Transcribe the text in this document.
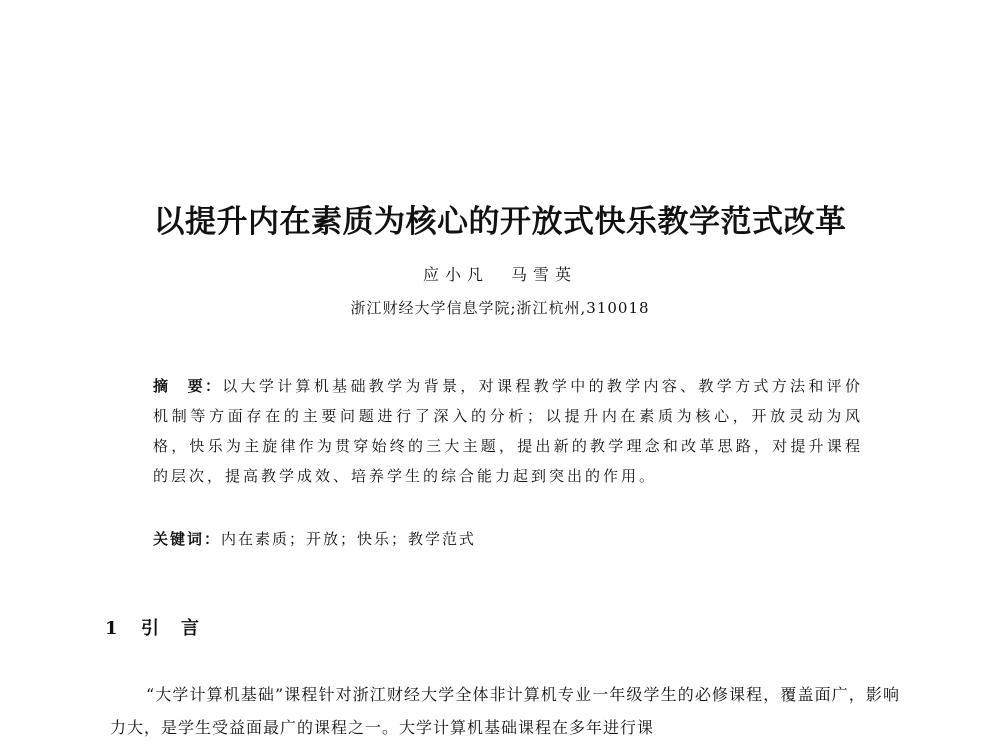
以提升内在素质为核心的开放式快乐教学范式改革
应小凡　马雪英
浙江财经大学信息学院;浙江杭州,310018
摘　要：以大学计算机基础教学为背景，对课程教学中的教学内容、教学方式方法和评价机制等方面存在的主要问题进行了深入的分析；以提升内在素质为核心，开放灵动为风格，快乐为主旋律作为贯穿始终的三大主题，提出新的教学理念和改革思路，对提升课程的层次，提高教学成效、培养学生的综合能力起到突出的作用。
关键词：内在素质；开放；快乐；教学范式
1 引言
“大学计算机基础”课程针对浙江财经大学全体非计算机专业一年级学生的必修课程，覆盖面广，影响力大，是学生受益面最广的课程之一。大学计算机基础课程在多年进行课
